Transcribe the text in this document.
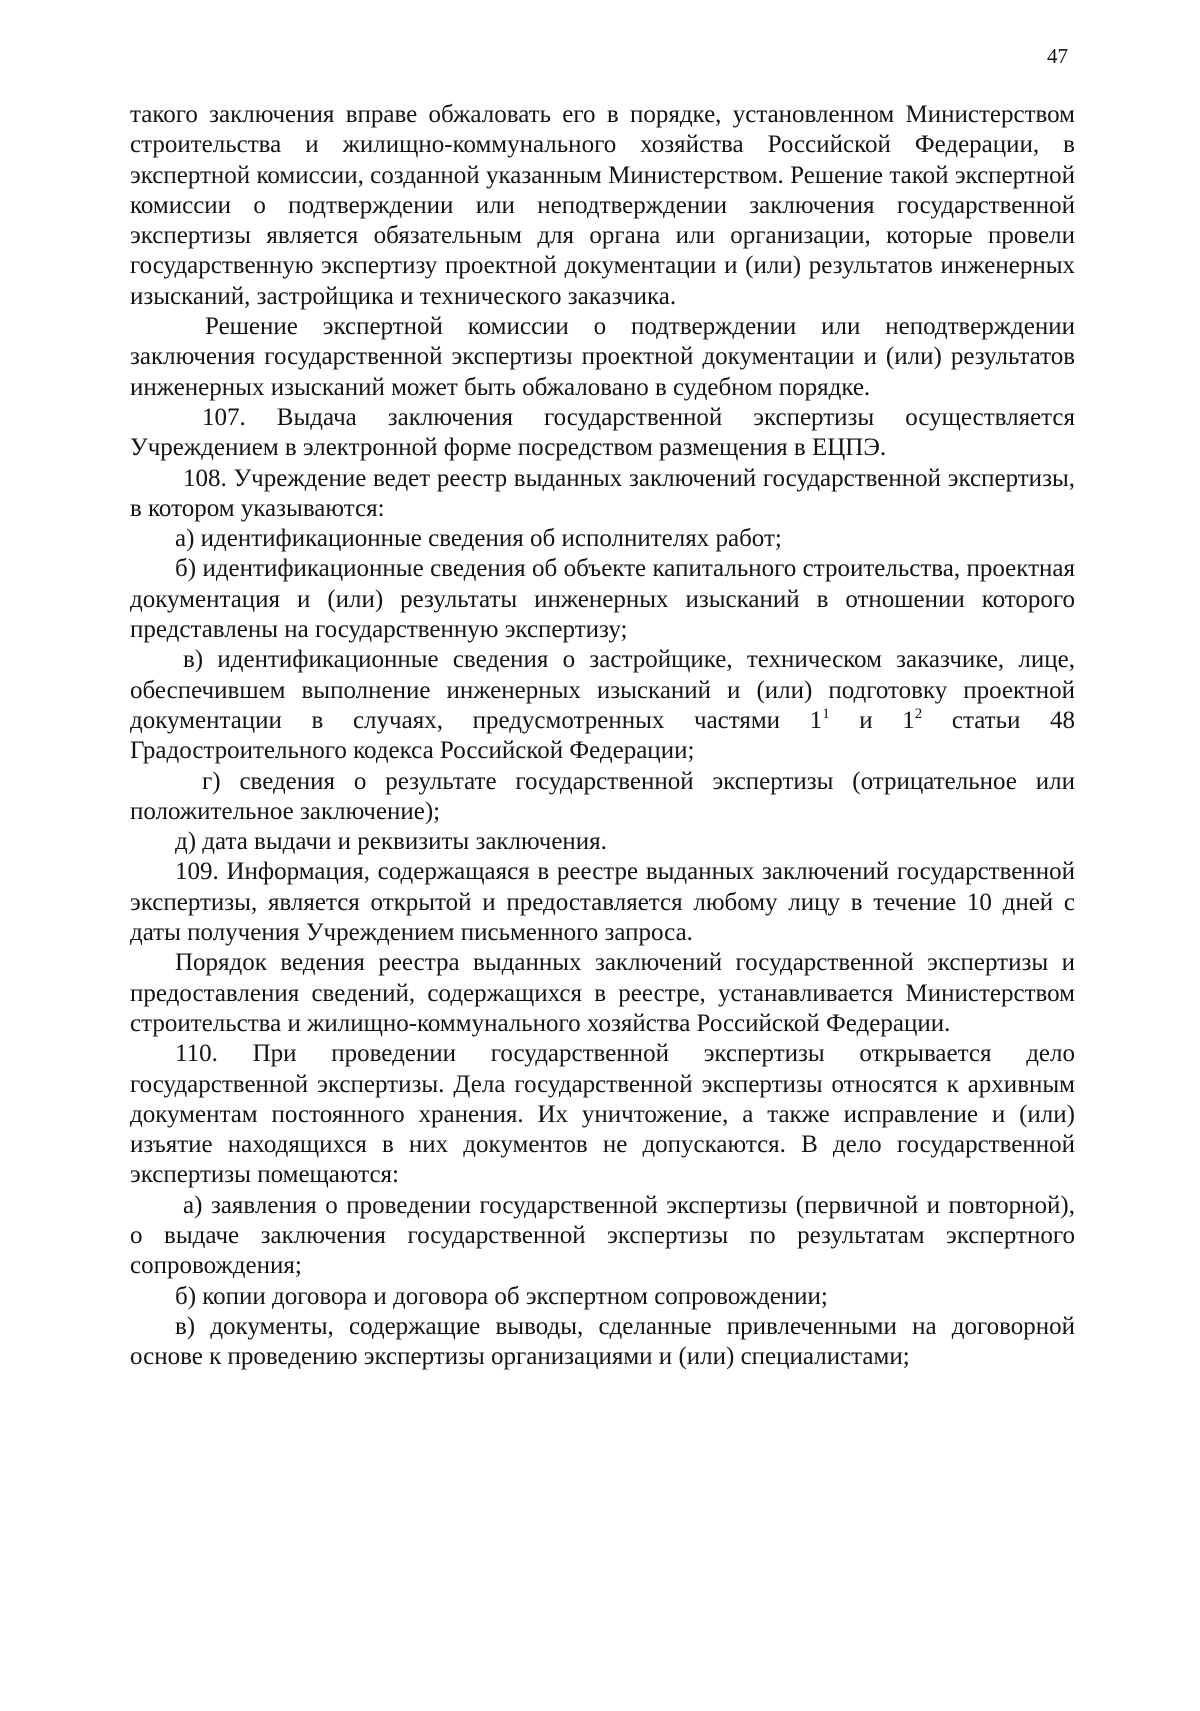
47

такого заключения вправе обжаловать его в порядке, установленном Министерством строительства и жилищно-коммунального хозяйства Российской Федерации, в экспертной комиссии, созданной указанным Министерством. Решение такой экспертной комиссии о подтверждении или неподтверждении заключения государственной экспертизы является обязательным для органа или организации, которые провели государственную экспертизу проектной документации и (или) результатов инженерных изысканий, застройщика и технического заказчика.

Решение экспертной комиссии о подтверждении или неподтверждении заключения государственной экспертизы проектной документации и (или) результатов инженерных изысканий может быть обжаловано в судебном порядке.

107. Выдача заключения государственной экспертизы осуществляется Учреждением в электронной форме посредством размещения в ЕЦПЭ.

108. Учреждение ведет реестр выданных заключений государственной экспертизы, в котором указываются:

а) идентификационные сведения об исполнителях работ;

б) идентификационные сведения об объекте капитального строительства, проектная документация и (или) результаты инженерных изысканий в отношении которого представлены на государственную экспертизу;

в) идентификационные сведения о застройщике, техническом заказчике, лице, обеспечившем выполнение инженерных изысканий и (или) подготовку проектной документации в случаях, предусмотренных частями $1^1$ и $1^2$ статьи 48 Градостроительного кодекса Российской Федерации;

г) сведения о результате государственной экспертизы (отрицательное или положительное заключение);

д) дата выдачи и реквизиты заключения.

109. Информация, содержащаяся в реестре выданных заключений государственной экспертизы, является открытой и предоставляется любому лицу в течение 10 дней с даты получения Учреждением письменного запроса.

Порядок ведения реестра выданных заключений государственной экспертизы и предоставления сведений, содержащихся в реестре, устанавливается Министерством строительства и жилищно-коммунального хозяйства Российской Федерации.

110. При проведении государственной экспертизы открывается дело государственной экспертизы. Дела государственной экспертизы относятся к архивным документам постоянного хранения. Их уничтожение, а также исправление и (или) изъятие находящихся в них документов не допускаются. В дело государственной экспертизы помещаются:

а) заявления о проведении государственной экспертизы (первичной и повторной), о выдаче заключения государственной экспертизы по результатам экспертного сопровождения;

б) копии договора и договора об экспертном сопровождении;

в) документы, содержащие выводы, сделанные привлеченными на договорной основе к проведению экспертизы организациями и (или) специалистами;
